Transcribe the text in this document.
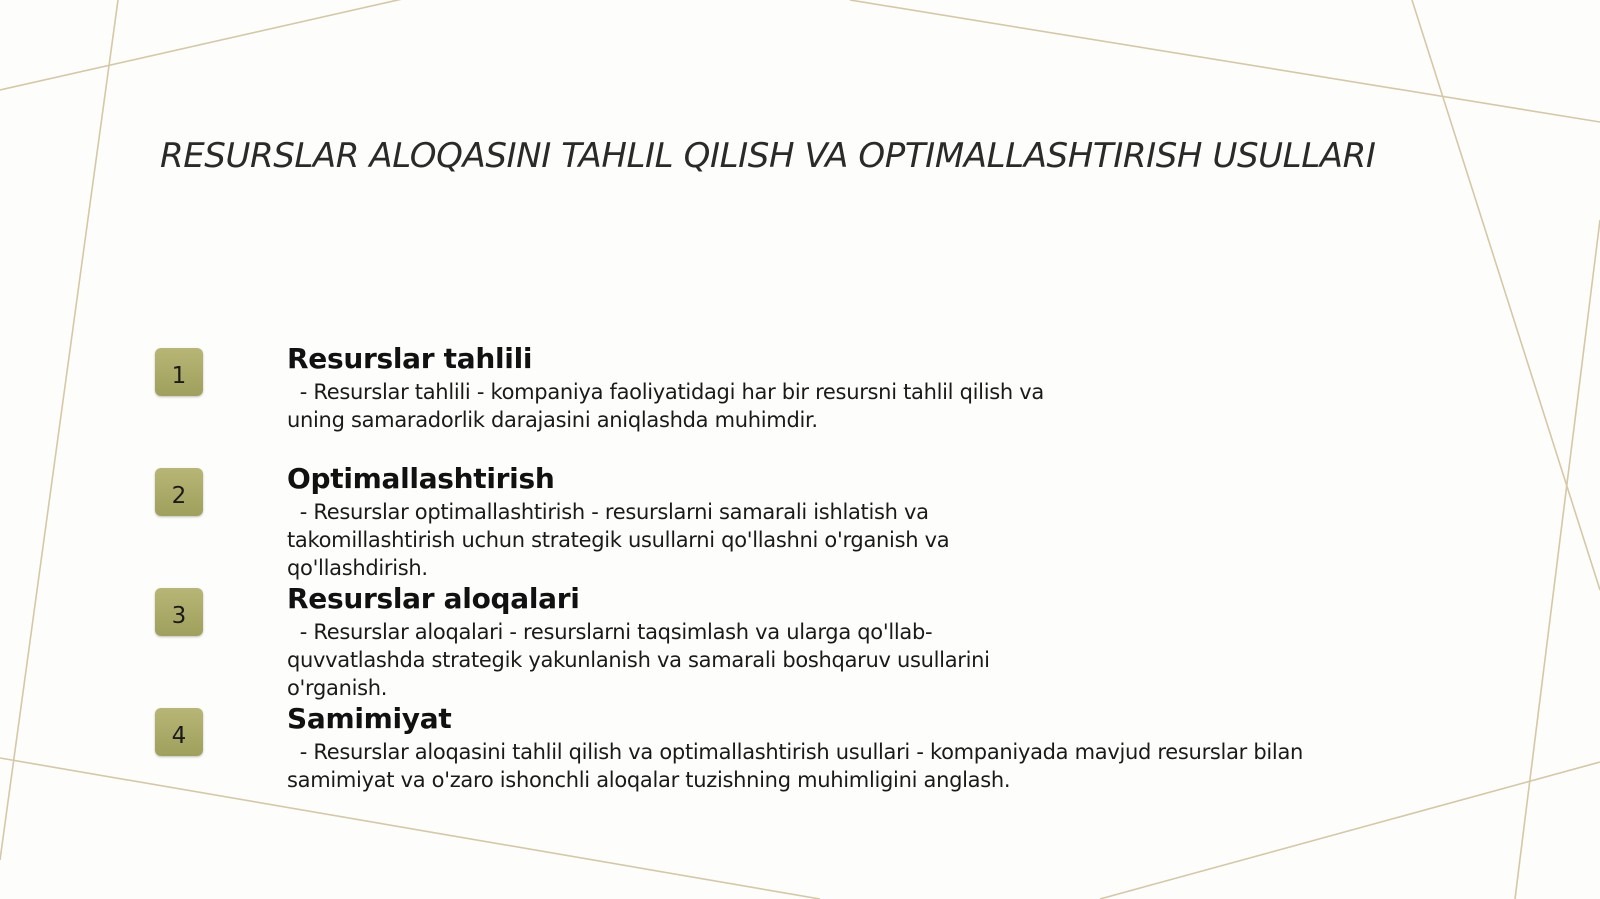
RESURSLAR ALOQASINI TAHLIL QILISH VA OPTIMALLASHTIRISH USULLARI
1
Resurslar tahlili
- Resurslar tahlili - kompaniya faoliyatidagi har bir resursni tahlil qilish va
uning samaradorlik darajasini aniqlashda muhimdir.
2
Optimallashtirish
- Resurslar optimallashtirish - resurslarni samarali ishlatish va
takomillashtirish uchun strategik usullarni qo'llashni o'rganish va
qo'llashdirish.
3
Resurslar aloqalari
- Resurslar aloqalari - resurslarni taqsimlash va ularga qo'llab-
quvvatlashda strategik yakunlanish va samarali boshqaruv usullarini
o'rganish.
4
Samimiyat
- Resurslar aloqasini tahlil qilish va optimallashtirish usullari - kompaniyada mavjud resurslar bilan
samimiyat va o'zaro ishonchli aloqalar tuzishning muhimligini anglash.
